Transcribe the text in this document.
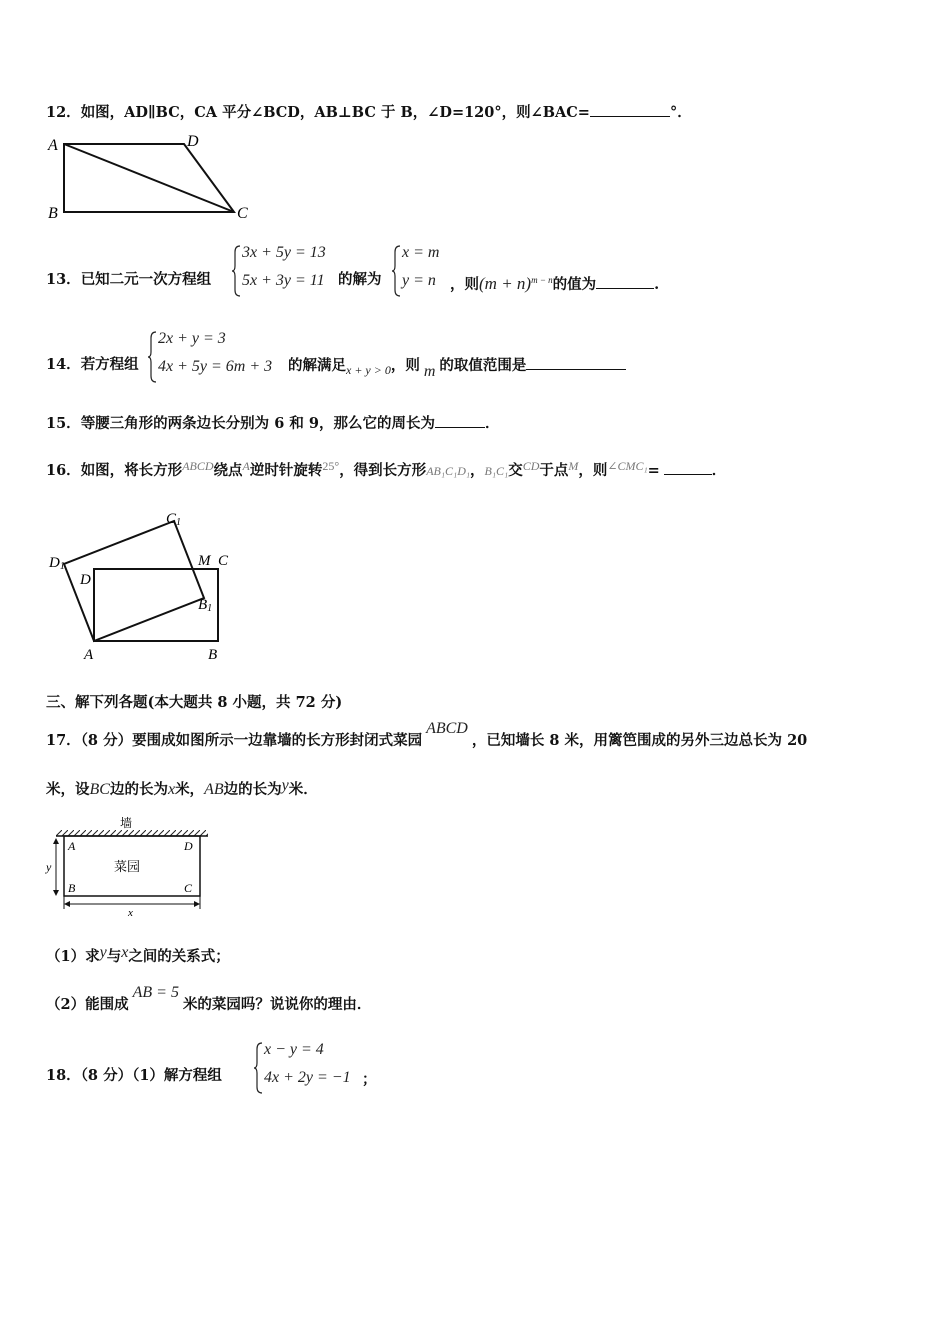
12．如图，AD∥BC，CA 平分∠BCD，AB⊥BC 于 B，∠D=120°，则∠BAC=	°．
A	D
B	C
13．已知二元一次方程组
3x + 5y = 13
5x + 3y = 11 的解为
x = m
y = n ，则$(m + n)^{m - n}$的值为	.
14．若方程组
2x + y = 3
4x + 5y = 6m + 3 的解满足$_{x + y > 0}$，则 m 的取值范围是
15．等腰三角形的两条边长分别为 6 和 9，那么它的周长为	．
16．如图，将长方形$^{ABCD}$绕点$^A$逆时针旋转$^{25^\circ}$，得到长方形AB₁C₁D₁，B₁C₁交$^{CD}$于点$^M$，则$^{\angle CMC_1}$=	．
C1
D1
D
M C
B1
A	B
三、解下列各题(本大题共 8 小题，共 72 分)
17．（8 分）要围成如图所示一边靠墙的长方形封闭式菜园ABCD，已知墙长 8 米，用篱笆围成的另外三边总长为 20
米，设BC边的长为x米，AB边的长为y米．
墙
A	D
B	C
菜园
y
x
（1）求y与x之间的关系式；
（2）能围成AB = 5米的菜园吗？说说你的理由．
18．（8 分）（1）解方程组
x − y = 4
4x + 2y = −1 ；
